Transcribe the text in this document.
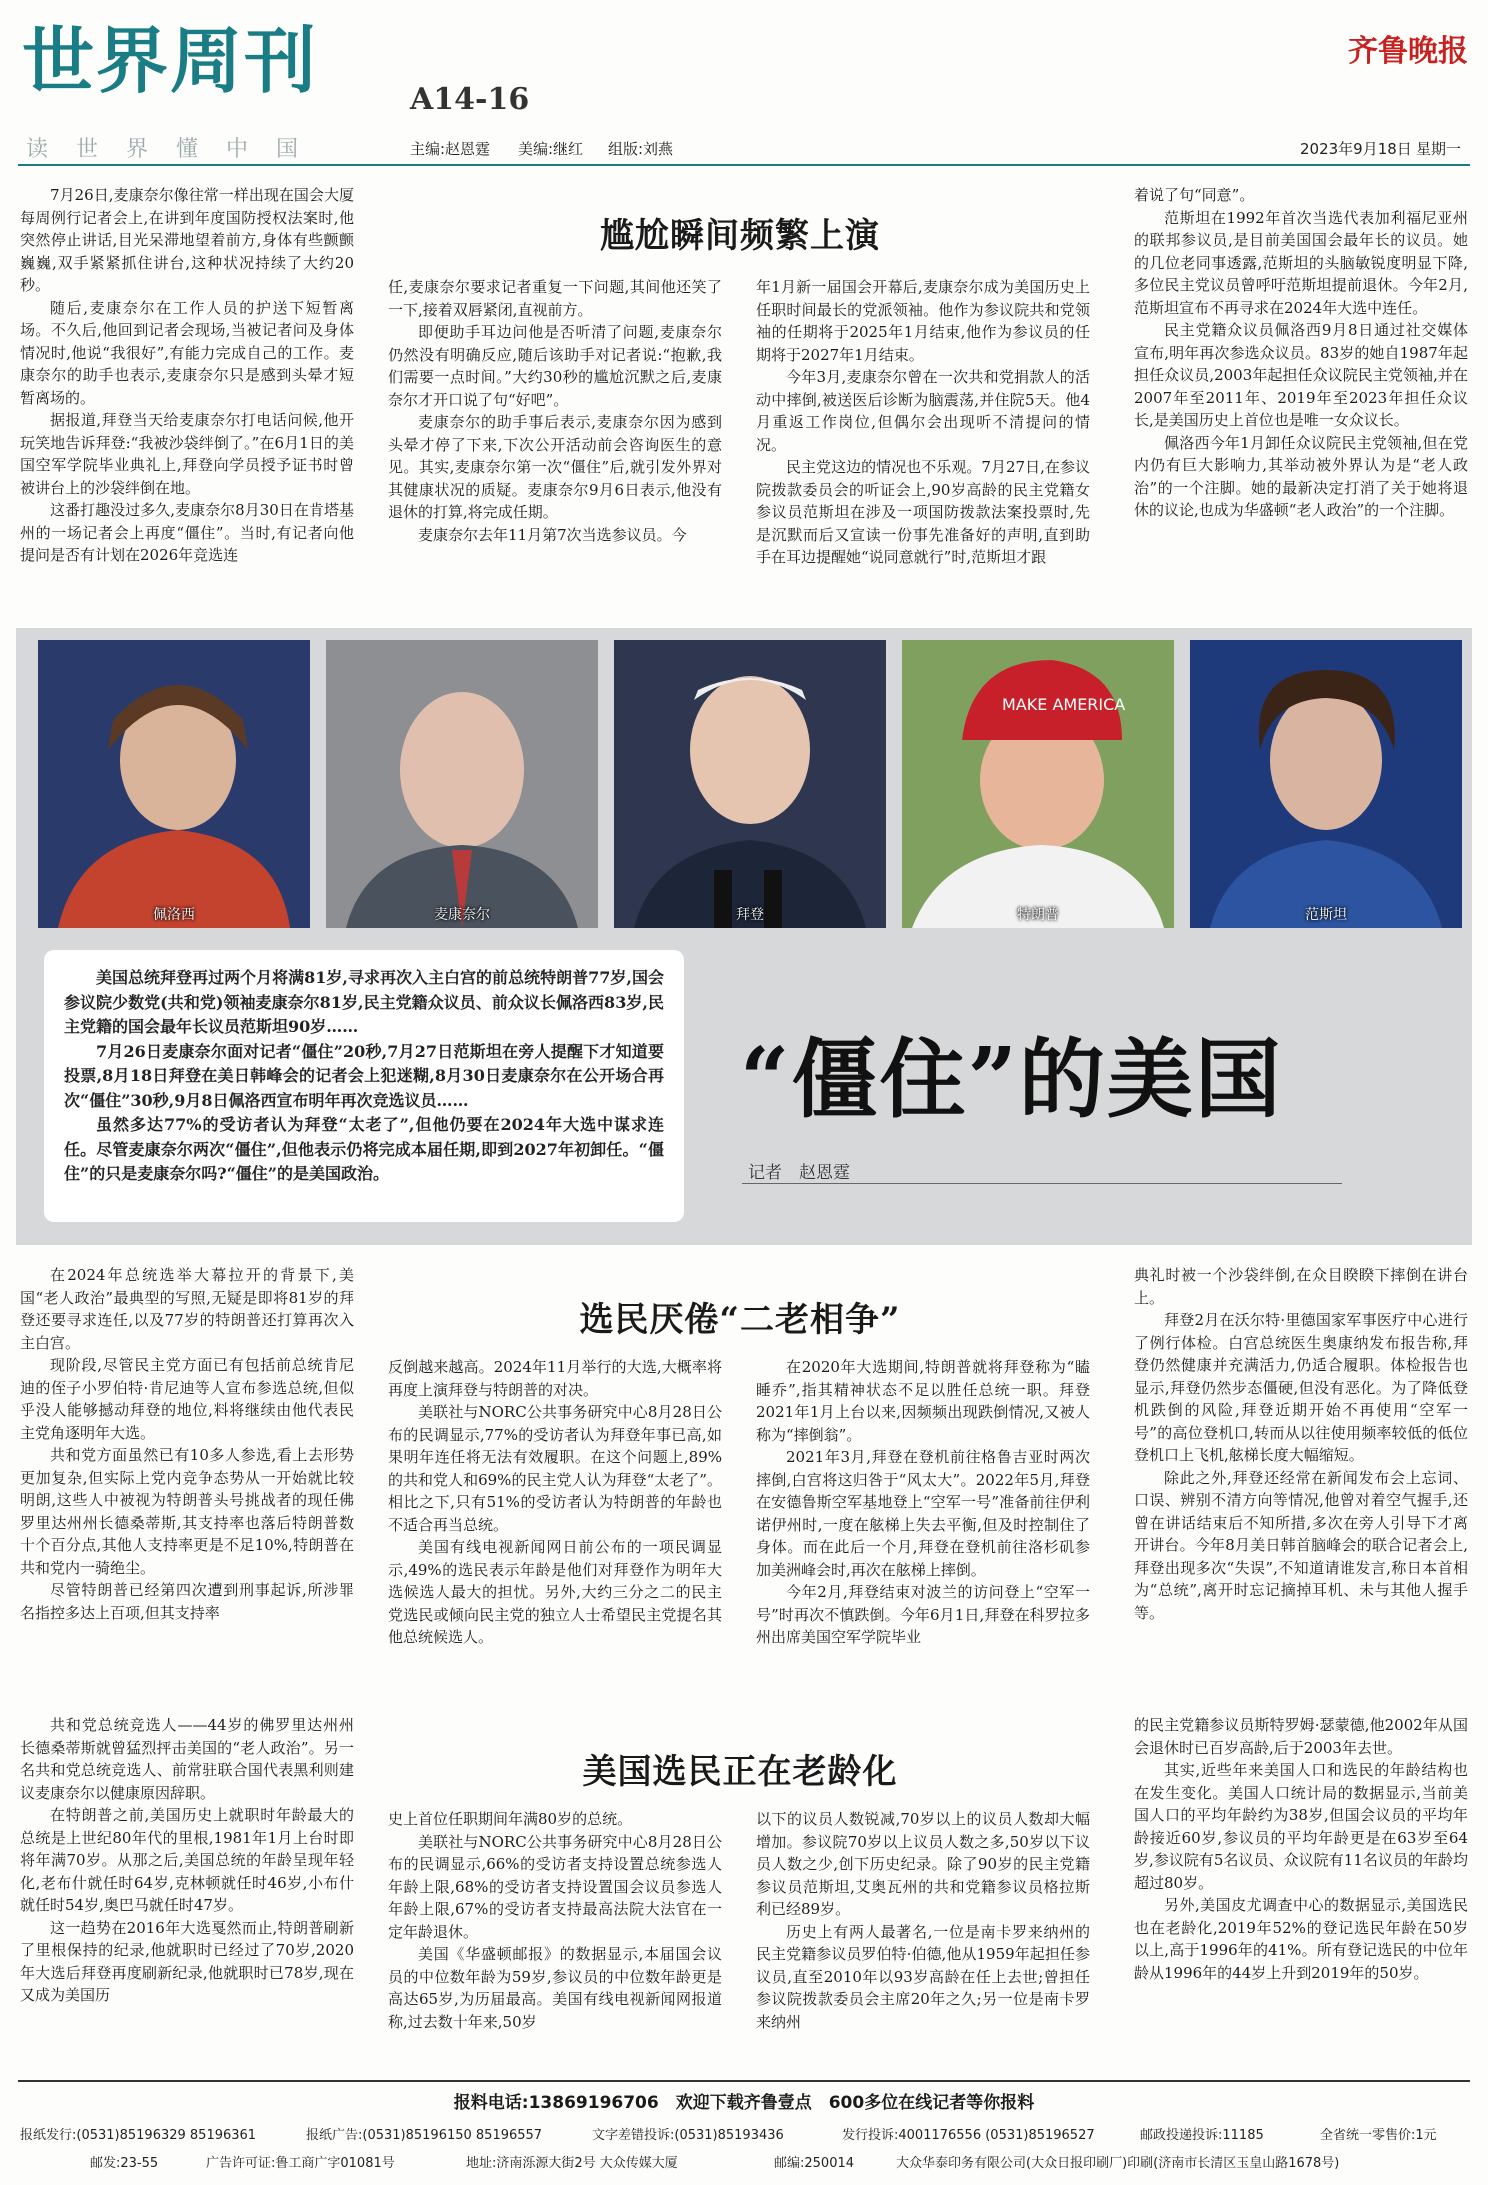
世界周刊	A14-16
齐鲁晚报
读 世 界 懂 中 国	主编:赵恩霆 美编:继红 组版:刘燕	2023年9月18日 星期一
尴尬瞬间频繁上演

7月26日,麦康奈尔像往常一样出现在国会大厦每周例行记者会上,在讲到年度国防授权法案时,他突然停止讲话,目光呆滞地望着前方,身体有些颤颤巍巍,双手紧紧抓住讲台,这种状况持续了大约20秒。

随后,麦康奈尔在工作人员的护送下短暂离场。不久后,他回到记者会现场,当被记者问及身体情况时,他说“我很好”,有能力完成自己的工作。麦康奈尔的助手也表示,麦康奈尔只是感到头晕才短暂离场的。

据报道,拜登当天给麦康奈尔打电话问候,他开玩笑地告诉拜登:“我被沙袋绊倒了。”在6月1日的美国空军学院毕业典礼上,拜登向学员授予证书时曾被讲台上的沙袋绊倒在地。

这番打趣没过多久,麦康奈尔8月30日在肯塔基州的一场记者会上再度“僵住”。当时,有记者向他提问是否有计划在2026年竞选连

任,麦康奈尔要求记者重复一下问题,其间他还笑了一下,接着双唇紧闭,直视前方。

即便助手耳边问他是否听清了问题,麦康奈尔仍然没有明确反应,随后该助手对记者说:“抱歉,我们需要一点时间。”大约30秒的尴尬沉默之后,麦康奈尔才开口说了句“好吧”。

麦康奈尔的助手事后表示,麦康奈尔因为感到头晕才停了下来,下次公开活动前会咨询医生的意见。其实,麦康奈尔第一次“僵住”后,就引发外界对其健康状况的质疑。麦康奈尔9月6日表示,他没有退休的打算,将完成任期。

麦康奈尔去年11月第7次当选参议员。今

年1月新一届国会开幕后,麦康奈尔成为美国历史上任职时间最长的党派领袖。他作为参议院共和党领袖的任期将于2025年1月结束,他作为参议员的任期将于2027年1月结束。

今年3月,麦康奈尔曾在一次共和党捐款人的活动中摔倒,被送医后诊断为脑震荡,并住院5天。他4月重返工作岗位,但偶尔会出现听不清提问的情况。

民主党这边的情况也不乐观。7月27日,在参议院拨款委员会的听证会上,90岁高龄的民主党籍女参议员范斯坦在涉及一项国防拨款法案投票时,先是沉默而后又宣读一份事先准备好的声明,直到助手在耳边提醒她“说同意就行”时,范斯坦才跟

着说了句“同意”。

范斯坦在1992年首次当选代表加利福尼亚州的联邦参议员,是目前美国国会最年长的议员。她的几位老同事透露,范斯坦的头脑敏锐度明显下降,多位民主党议员曾呼吁范斯坦提前退休。今年2月,范斯坦宣布不再寻求在2024年大选中连任。

民主党籍众议员佩洛西9月8日通过社交媒体宣布,明年再次参选众议员。83岁的她自1987年起担任众议员,2003年起担任众议院民主党领袖,并在2007年至2011年、2019年至2023年担任众议长,是美国历史上首位也是唯一女众议长。

佩洛西今年1月卸任众议院民主党领袖,但在党内仍有巨大影响力,其举动被外界认为是“老人政治”的一个注脚。她的最新决定打消了关于她将退休的议论,也成为华盛顿“老人政治”的一个注脚。

佩洛西	麦康奈尔	拜登
MAKE AMERICA
特朗普	范斯坦

美国总统拜登再过两个月将满81岁,寻求再次入主白宫的前总统特朗普77岁,国会参议院少数党(共和党)领袖麦康奈尔81岁,民主党籍众议员、前众议长佩洛西83岁,民主党籍的国会最年长议员范斯坦90岁……

7月26日麦康奈尔面对记者“僵住”20秒,7月27日范斯坦在旁人提醒下才知道要投票,8月18日拜登在美日韩峰会的记者会上犯迷糊,8月30日麦康奈尔在公开场合再次“僵住”30秒,9月8日佩洛西宣布明年再次竞选议员……

虽然多达77%的受访者认为拜登“太老了”,但他仍要在2024年大选中谋求连任。尽管麦康奈尔两次“僵住”,但他表示仍将完成本届任期,即到2027年初卸任。“僵住”的只是麦康奈尔吗?“僵住”的是美国政治。

“僵住”的美国
记者　赵恩霆
选民厌倦“二老相争”

在2024年总统选举大幕拉开的背景下,美国“老人政治”最典型的写照,无疑是即将81岁的拜登还要寻求连任,以及77岁的特朗普还打算再次入主白宫。

现阶段,尽管民主党方面已有包括前总统肯尼迪的侄子小罗伯特·肯尼迪等人宣布参选总统,但似乎没人能够撼动拜登的地位,料将继续由他代表民主党角逐明年大选。

共和党方面虽然已有10多人参选,看上去形势更加复杂,但实际上党内竞争态势从一开始就比较明朗,这些人中被视为特朗普头号挑战者的现任佛罗里达州州长德桑蒂斯,其支持率也落后特朗普数十个百分点,其他人支持率更是不足10%,特朗普在共和党内一骑绝尘。

尽管特朗普已经第四次遭到刑事起诉,所涉罪名指控多达上百项,但其支持率

反倒越来越高。2024年11月举行的大选,大概率将再度上演拜登与特朗普的对决。

美联社与NORC公共事务研究中心8月28日公布的民调显示,77%的受访者认为拜登年事已高,如果明年连任将无法有效履职。在这个问题上,89%的共和党人和69%的民主党人认为拜登“太老了”。相比之下,只有51%的受访者认为特朗普的年龄也不适合再当总统。

美国有线电视新闻网日前公布的一项民调显示,49%的选民表示年龄是他们对拜登作为明年大选候选人最大的担忧。另外,大约三分之二的民主党选民或倾向民主党的独立人士希望民主党提名其他总统候选人。

在2020年大选期间,特朗普就将拜登称为“瞌睡乔”,指其精神状态不足以胜任总统一职。拜登2021年1月上台以来,因频频出现跌倒情况,又被人称为“摔倒翁”。

2021年3月,拜登在登机前往格鲁吉亚时两次摔倒,白宫将这归咎于“风太大”。2022年5月,拜登在安德鲁斯空军基地登上“空军一号”准备前往伊利诺伊州时,一度在舷梯上失去平衡,但及时控制住了身体。而在此后一个月,拜登在登机前往洛杉矶参加美洲峰会时,再次在舷梯上摔倒。

今年2月,拜登结束对波兰的访问登上“空军一号”时再次不慎跌倒。今年6月1日,拜登在科罗拉多州出席美国空军学院毕业

典礼时被一个沙袋绊倒,在众目睽睽下摔倒在讲台上。

拜登2月在沃尔特·里德国家军事医疗中心进行了例行体检。白宫总统医生奥康纳发布报告称,拜登仍然健康并充满活力,仍适合履职。体检报告也显示,拜登仍然步态僵硬,但没有恶化。为了降低登机跌倒的风险,拜登近期开始不再使用“空军一号”的高位登机口,转而从以往使用频率较低的低位登机口上飞机,舷梯长度大幅缩短。

除此之外,拜登还经常在新闻发布会上忘词、口误、辨别不清方向等情况,他曾对着空气握手,还曾在讲话结束后不知所措,多次在旁人引导下才离开讲台。今年8月美日韩首脑峰会的联合记者会上,拜登出现多次“失误”,不知道请谁发言,称日本首相为“总统”,离开时忘记摘掉耳机、未与其他人握手等。

美国选民正在老龄化

共和党总统竞选人——44岁的佛罗里达州州长德桑蒂斯就曾猛烈抨击美国的“老人政治”。另一名共和党总统竞选人、前常驻联合国代表黑利则建议麦康奈尔以健康原因辞职。

在特朗普之前,美国历史上就职时年龄最大的总统是上世纪80年代的里根,1981年1月上台时即将年满70岁。从那之后,美国总统的年龄呈现年轻化,老布什就任时64岁,克林顿就任时46岁,小布什就任时54岁,奥巴马就任时47岁。

这一趋势在2016年大选戛然而止,特朗普刷新了里根保持的纪录,他就职时已经过了70岁,2020年大选后拜登再度刷新纪录,他就职时已78岁,现在又成为美国历

史上首位任职期间年满80岁的总统。

美联社与NORC公共事务研究中心8月28日公布的民调显示,66%的受访者支持设置总统参选人年龄上限,68%的受访者支持设置国会议员参选人年龄上限,67%的受访者支持最高法院大法官在一定年龄退休。

美国《华盛顿邮报》的数据显示,本届国会议员的中位数年龄为59岁,参议员的中位数年龄更是高达65岁,为历届最高。美国有线电视新闻网报道称,过去数十年来,50岁

以下的议员人数锐减,70岁以上的议员人数却大幅增加。参议院70岁以上议员人数之多,50岁以下议员人数之少,创下历史纪录。除了90岁的民主党籍参议员范斯坦,艾奥瓦州的共和党籍参议员格拉斯利已经89岁。

历史上有两人最著名,一位是南卡罗来纳州的民主党籍参议员罗伯特·伯德,他从1959年起担任参议员,直至2010年以93岁高龄在任上去世;曾担任参议院拨款委员会主席20年之久;另一位是南卡罗来纳州

的民主党籍参议员斯特罗姆·瑟蒙德,他2002年从国会退休时已百岁高龄,后于2003年去世。

其实,近些年来美国人口和选民的年龄结构也在发生变化。美国人口统计局的数据显示,当前美国人口的平均年龄约为38岁,但国会议员的平均年龄接近60岁,参议员的平均年龄更是在63岁至64岁,参议院有5名议员、众议院有11名议员的年龄均超过80岁。

另外,美国皮尤调查中心的数据显示,美国选民也在老龄化,2019年52%的登记选民年龄在50岁以上,高于1996年的41%。所有登记选民的中位年龄从1996年的44岁上升到2019年的50岁。

报料电话:13869196706　欢迎下载齐鲁壹点　600多位在线记者等你报料
报纸发行:(0531)85196329 85196361	报纸广告:(0531)85196150 85196557	文字差错投诉:(0531)85193436	发行投诉:4001176556 (0531)85196527	邮政投递投诉:11185	全省统一零售价:1元
邮发:23-55	广告许可证:鲁工商广字01081号	地址:济南泺源大街2号 大众传媒大厦	邮编:250014	大众华泰印务有限公司(大众日报印刷厂)印刷(济南市长清区玉皇山路1678号)
